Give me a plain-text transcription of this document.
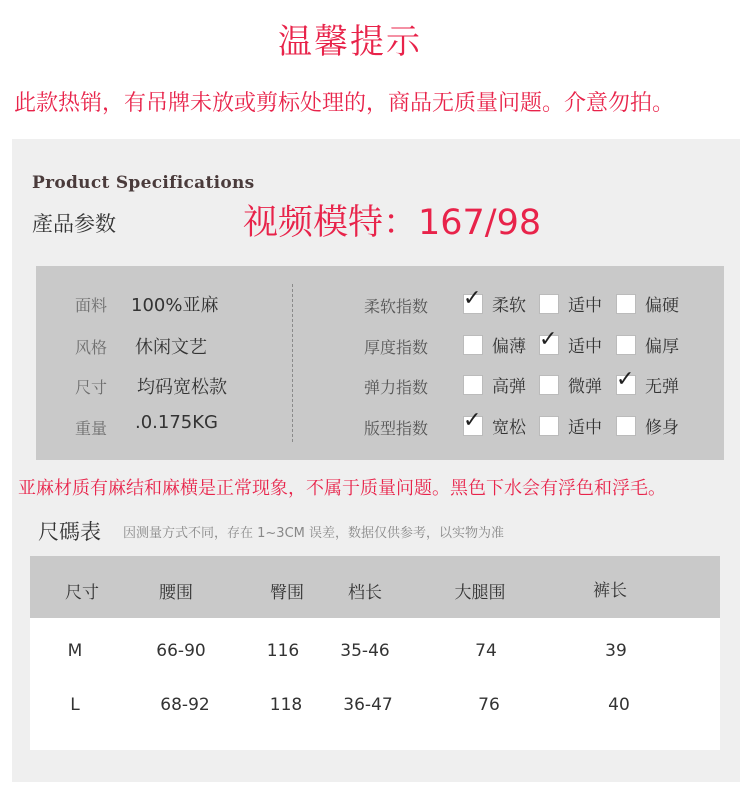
温馨提示
此款热销，有吊牌未放或剪标处理的，商品无质量问题。介意勿拍。
Product Specifications
產品参数	视频模特：167/98
面料 100%亚麻
风格 休闲文艺
尺寸 均码宽松款
重量 .0.175KG
柔软指数 ✓ 柔软 适中	偏硬
厚度指数	偏薄 ✓ 适中	偏厚
弹力指数	高弹 微弹 ✓ 无弹
版型指数 ✓ 宽松 适中	修身
亚麻材质有麻结和麻横是正常现象，不属于质量问题。黑色下水会有浮色和浮毛。
尺碼表 因测量方式不同，存在 1~3CM 误差，数据仅供参考，以实物为准
尺寸	腰围	臀围	档长	大腿围	裤长
M	66-90	116	35-46	74	39
L	68-92	118	36-47	76	40
